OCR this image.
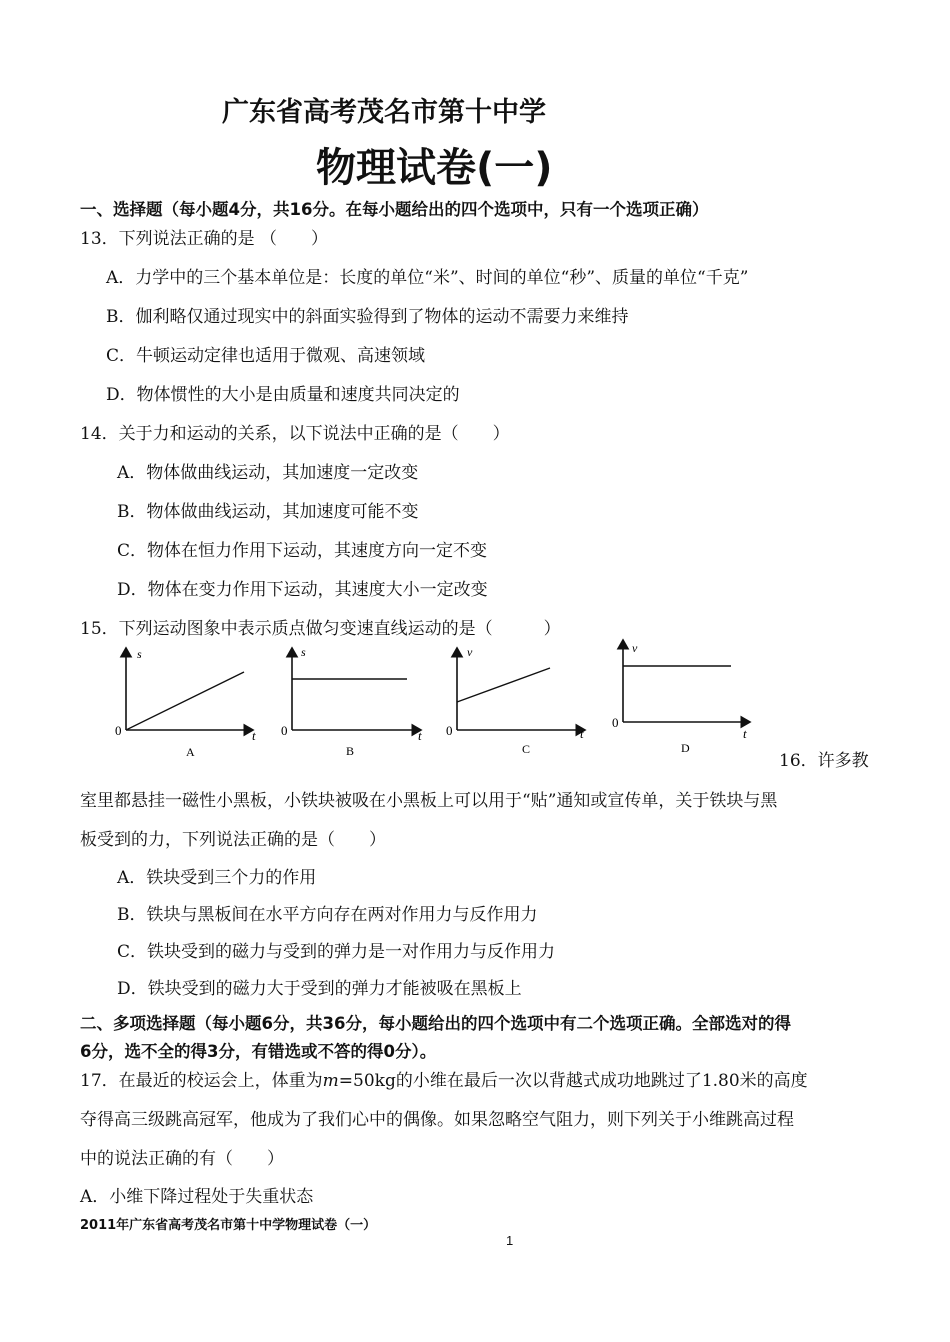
广东省高考茂名市第十中学
物理试卷(一)
一、选择题（每小题4分，共16分。在每小题给出的四个选项中，只有一个选项正确）
13．下列说法正确的是 （　　）
A．力学中的三个基本单位是：长度的单位“米”、时间的单位“秒”、质量的单位“千克”
B．伽利略仅通过现实中的斜面实验得到了物体的运动不需要力来维持
C．牛顿运动定律也适用于微观、高速领域
D．物体惯性的大小是由质量和速度共同决定的
14．关于力和运动的关系，以下说法中正确的是（　　）
A．物体做曲线运动，其加速度一定改变
B．物体做曲线运动，其加速度可能不变
C．物体在恒力作用下运动，其速度方向一定不变
D．物体在变力作用下运动，其速度大小一定改变
15．下列运动图象中表示质点做匀变速直线运动的是（　　　）
s
t
0
A
s
t
0
B
v
t
0
C
v
t
0
D
16．许多教
室里都悬挂一磁性小黑板，小铁块被吸在小黑板上可以用于“贴”通知或宣传单，关于铁块与黑
板受到的力，下列说法正确的是（　　）
A．铁块受到三个力的作用
B．铁块与黑板间在水平方向存在两对作用力与反作用力
C．铁块受到的磁力与受到的弹力是一对作用力与反作用力
D．铁块受到的磁力大于受到的弹力才能被吸在黑板上
二、多项选择题（每小题6分，共36分，每小题给出的四个选项中有二个选项正确。全部选对的得
6分，选不全的得3分，有错选或不答的得0分）。
17．在最近的校运会上，体重为m=50kg的小维在最后一次以背越式成功地跳过了1.80米的高度
夺得高三级跳高冠军，他成为了我们心中的偶像。如果忽略空气阻力，则下列关于小维跳高过程
中的说法正确的有（　　）
A．小维下降过程处于失重状态
2011年广东省高考茂名市第十中学物理试卷（一）
1
